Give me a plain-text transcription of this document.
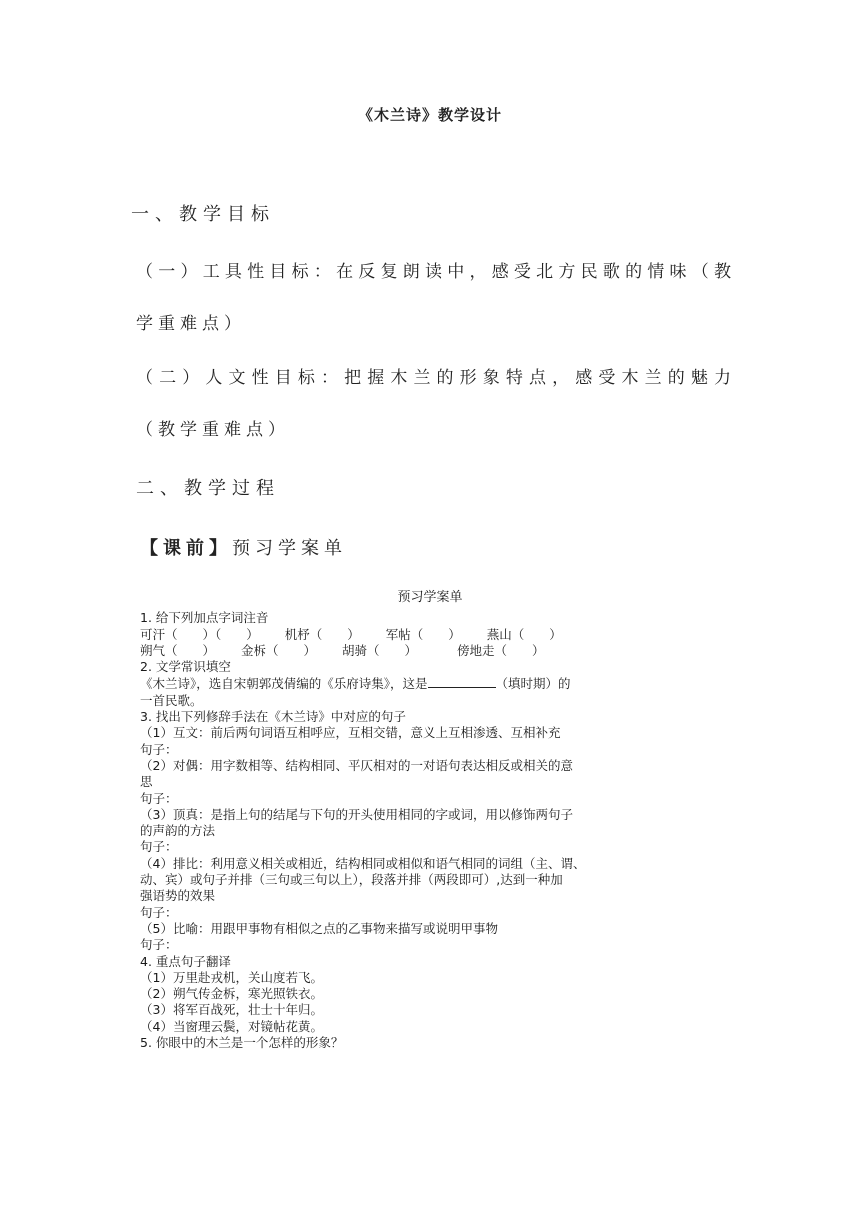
《木兰诗》教学设计
一、教学目标
（一）工具性目标：在反复朗读中，感受北方民歌的情味（教学重难点）
（二）人文性目标：把握木兰的形象特点，感受木兰的魅力（教学重难点）
二、教学过程
【课前】预习学案单
预习学案单
1. 给下列加点字词注音
可汗（　　）（　　） 机杼（　　） 军帖（　　） 燕山（　　）
朔气（　　） 金柝（　　） 胡骑（　　）	傍地走（　　）
2. 文学常识填空
《木兰诗》，选自宋朝郭茂倩编的《乐府诗集》，这是	（填时期）的
一首民歌。
3. 找出下列修辞手法在《木兰诗》中对应的句子
（1）互文：前后两句词语互相呼应，互相交错，意义上互相渗透、互相补充
句子：
（2）对偶：用字数相等、结构相同、平仄相对的一对语句表达相反或相关的意
思
句子：
（3）顶真：是指上句的结尾与下句的开头使用相同的字或词，用以修饰两句子
的声韵的方法
句子：
（4）排比：利用意义相关或相近，结构相同或相似和语气相同的词组（主、谓、
动、宾）或句子并排（三句或三句以上），段落并排（两段即可）,达到一种加
强语势的效果
句子：
（5）比喻：用跟甲事物有相似之点的乙事物来描写或说明甲事物
句子：
4. 重点句子翻译
（1）万里赴戎机，关山度若飞。
（2）朔气传金柝，寒光照铁衣。
（3）将军百战死，壮士十年归。
（4）当窗理云鬓，对镜帖花黄。
5. 你眼中的木兰是一个怎样的形象？
